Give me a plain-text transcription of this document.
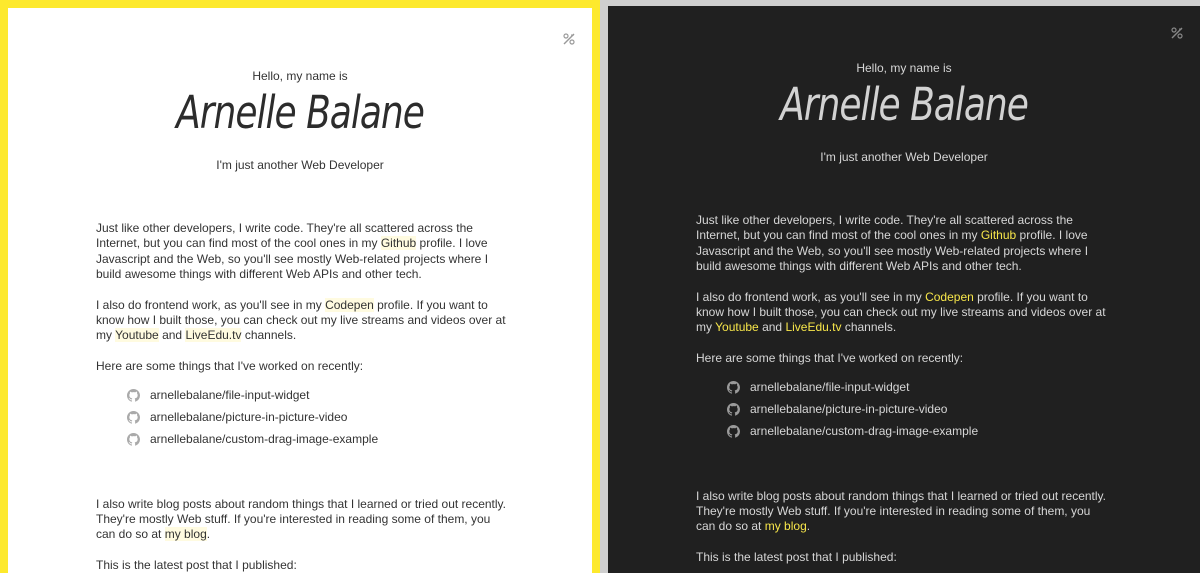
Hello, my name is
Arnelle Balane
I'm just another Web Developer

Just like other developers, I write code. They're all scattered across the Internet, but you can find most of the cool ones in my Github profile. I love Javascript and the Web, so you'll see mostly Web-related projects where I build awesome things with different Web APIs and other tech.

I also do frontend work, as you'll see in my Codepen profile. If you want to know how I built those, you can check out my live streams and videos over at my Youtube and LiveEdu.tv channels.

Here are some things that I've worked on recently:

arnellebalane/file-input-widget
arnellebalane/picture-in-picture-video
arnellebalane/custom-drag-image-example

I also write blog posts about random things that I learned or tried out recently. They're mostly Web stuff. If you're interested in reading some of them, you can do so at my blog.

This is the latest post that I published:

Hello, my name is
Arnelle Balane
I'm just another Web Developer

Just like other developers, I write code. They're all scattered across the Internet, but you can find most of the cool ones in my Github profile. I love Javascript and the Web, so you'll see mostly Web-related projects where I build awesome things with different Web APIs and other tech.

I also do frontend work, as you'll see in my Codepen profile. If you want to know how I built those, you can check out my live streams and videos over at my Youtube and LiveEdu.tv channels.

Here are some things that I've worked on recently:

arnellebalane/file-input-widget
arnellebalane/picture-in-picture-video
arnellebalane/custom-drag-image-example

I also write blog posts about random things that I learned or tried out recently. They're mostly Web stuff. If you're interested in reading some of them, you can do so at my blog.

This is the latest post that I published:
